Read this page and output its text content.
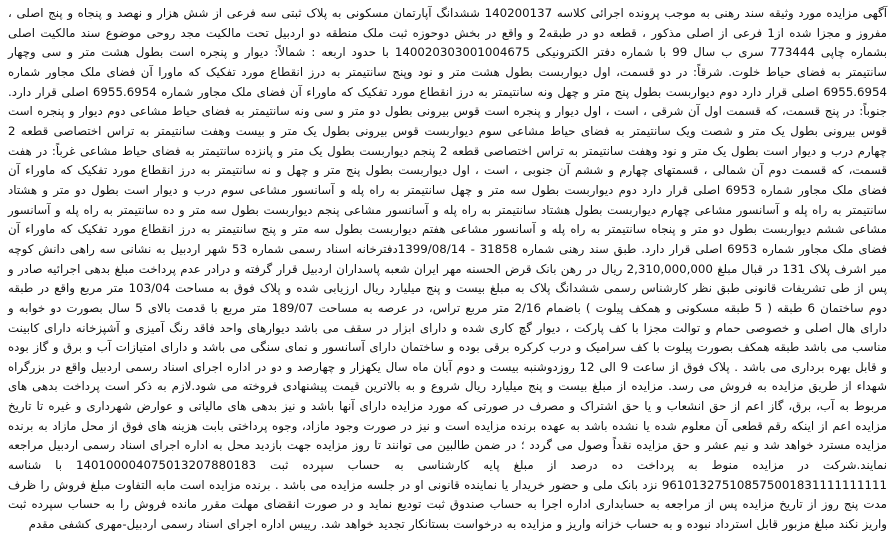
آگهی مزایده مورد وثیقه سند رهنی به موجب پرونده اجرائی کلاسه 140200137 ششدانگ آپارتمان مسکونی به پلاک ثبتی سه فرعی از شش هزار و نهصد و پنجاه و پنج اصلی ، مفروز و مجزا شده از1 فرعی از اصلی مذکور ، قطعه دو در طبقه2 و واقع در بخش دوحوزه ثبت ملک منطقه دو اردبیل تحت مالکیت مجد روحی موضوع سند مالکیت اصلی بشماره چاپی 773444 سری ب سال 99 با شماره دفتر الکترونیکی 140020303001004675 با حدود اربعه : شمالاً: دیوار و پنجره است بطول هشت متر و سی وچهار سانتیمتر به فضای حیاط خلوت. شرقاً: در دو قسمت، اول دیواربست بطول هشت متر و نود وپنج سانتیمتر به درز انقطاع مورد تفکیک که ماورا آن فضای ملک مجاور شماره 6955.6954 اصلی قرار دارد دوم دیواربست بطول پنج متر و چهل ونه سانتیمتر به درز انقطاع مورد تفکیک که ماوراء آن فضای ملک مجاور شماره 6955.6954 اصلی قرار دارد. جنوباً: در پنج قسمت، که قسمت اول آن شرقی ، است ، اول دیوار و پنجره است قوس بیرونی بطول دو متر و سی ونه سانتیمتر به فضای حیاط مشاعی دوم دیوار و پنجره است قوس بیرونی بطول یک متر و شصت ویک سانتیمتر به فضای حیاط مشاعی سوم دیواربست قوس بیرونی بطول یک متر و بیست وهفت سانتیمتر به تراس اختصاصی قطعه 2 چهارم درب و دیوار است بطول یک متر و نود وهفت سانتیمتر به تراس اختصاصی قطعه 2 پنجم دیواربست بطول یک متر و پانزده سانتیمتر به فضای حیاط مشاعی غرباً: در هفت قسمت، که قسمت دوم آن شمالی ، قسمتهای چهارم و ششم آن جنوبی ، است ، اول دیواربست بطول پنج متر و چهل و نه سانتیمتر به درز انقطاع مورد تفکیک که ماوراء آن فضای ملک مجاور شماره 6953 اصلی قرار دارد دوم دیواربست بطول سه متر و چهل سانتیمتر به راه پله و آسانسور مشاعی سوم درب و دیوار است بطول دو متر و هشتاد سانتیمتر به راه پله و آسانسور مشاعی چهارم دیواربست بطول هشتاد سانتیمتر به راه پله و آسانسور مشاعی پنجم دیواربست بطول سه متر و ده سانتیمتر به راه پله و آسانسور مشاعی ششم دیواربست بطول دو متر و پنجاه سانتیمتر به راه پله و آسانسور مشاعی هفتم دیواربست بطول سه متر و پنج سانتیمتر به درز انقطاع مورد تفکیک که ماوراء آن فضای ملک مجاور شماره 6953 اصلی قرار دارد. طبق سند رهنی شماره 31858 - 1399/08/14دفترخانه اسناد رسمی شماره 53 شهر اردبیل به نشانی سه راهی دانش کوچه میر اشرف پلاک 131 در قبال مبلغ 2,310,000,000 ریال در رهن بانک قرض الحسنه مهر ایران شعبه پاسداران اردبیل قرار گرفته و درادر عدم پرداخت مبلغ بدهی اجرائیه صادر و پس از طی تشریفات قانونی طبق نظر کارشناس رسمی ششدانگ پلاک به مبلغ بیست و پنج میلیارد ریال ارزیابی شده و پلاک فوق به مساحت 103/04 متر مربع واقع در طبقه دوم ساختمان 6 طبقه ( 5 طبقه مسکونی و همکف پیلوت ) باضمام 2/16 متر مربع تراس، در عرصه به مساحت 189/07 متر مربع با قدمت بالای 5 سال بصورت دو خوابه و دارای هال اصلی و خصوصی حمام و توالت مجزا با کف پارکت ، دیوار گچ کاری شده و دارای ابزار در سقف می باشد دیوارهای واحد فاقد رنگ آمیزی و آشپزخانه دارای کابینت مناسب می باشد طبقه همکف بصورت پیلوت با کف سرامیک و درب کرکره برقی بوده و ساختمان دارای آسانسور و نمای سنگی می باشد و دارای امتیازات آب و برق و گاز بوده و قابل بهره برداری می باشد . پلاک فوق از ساعت 9 الی 12 روزدوشنبه بیست و دوم آبان ماه سال یکهزار و چهارصد و دو در اداره اجرای اسناد رسمی اردبیل واقع در بزرگراه شهداء از طریق مزایده به فروش می رسد. مزایده از مبلغ بیست و پنج میلیارد ریال شروع و به بالاترین قیمت پیشنهادی فروخته می شود.لازم به ذکر است پرداخت بدهی های مربوط به آب، برق، گاز اعم از حق انشعاب و یا حق اشتراک و مصرف در صورتی که مورد مزایده دارای آنها باشد و نیز بدهی های مالیاتی و عوارض شهرداری و غیره تا تاریخ مزایده اعم از اینکه رقم قطعی آن معلوم شده یا نشده باشد به عهده برنده مزایده است و نیز در صورت وجود مازاد، وجوه پرداختی بابت هزینه های فوق از محل مازاد به برنده مزایده مسترد خواهد شد و نیم عشر و حق مزایده نقداً وصول می گردد ؛ در ضمن طالبین می توانند تا روز مزایده جهت بازدید محل به اداره اجرای اسناد رسمی اردبیل مراجعه نمایند.شرکت در مزایده منوط به پرداخت ده درصد از مبلغ پایه کارشناسی به حساب سپرده ثبت 140100004075013207880183 با شناسه 961013275108575001831111111111 نزد بانک ملی و حضور خریدار یا نماینده قانونی او در جلسه مزایده می باشد . برنده مزایده است مابه التفاوت مبلغ فروش را ظرف مدت پنج روز از تاریخ مزایده پس از مراجعه به حسابداری اداره اجرا به حساب صندوق ثبت تودیع نماید و در صورت انقضای مهلت مقرر مانده فروش را به حساب سپرده ثبت واریز نکند مبلغ مزبور قابل استرداد نبوده و به حساب خزانه واریز و مزایده به درخواست بستانکار تجدید خواهد شد. رییس اداره اجرای اسناد رسمی اردبیل-مهری کشفی مقدم
